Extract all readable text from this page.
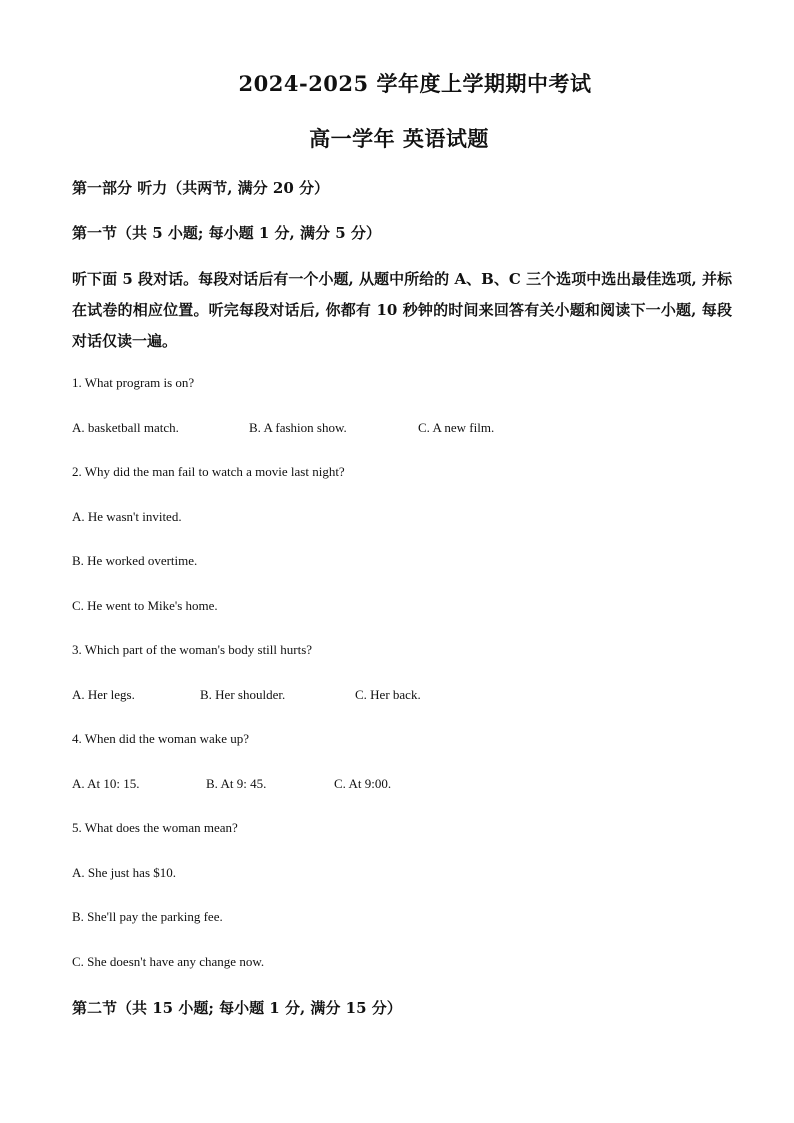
2024-2025 学年度上学期期中考试
高一学年 英语试题
第一部分 听力（共两节, 满分 20 分）
第一节（共 5 小题; 每小题 1 分, 满分 5 分）
听下面 5 段对话。每段对话后有一个小题, 从题中所给的 A、B、C 三个选项中选出最佳选项, 并标在试卷的相应位置。听完每段对话后, 你都有 10 秒钟的时间来回答有关小题和阅读下一小题, 每段对话仅读一遍。
1. What program is on?
A. basketball match.	B. A fashion show.	C. A new film.
2. Why did the man fail to watch a movie last night?
A. He wasn't invited.
B. He worked overtime.
C. He went to Mike's home.
3. Which part of the woman's body still hurts?
A. Her legs.	B. Her shoulder.	C. Her back.
4. When did the woman wake up?
A. At 10: 15.	B. At 9: 45.	C. At 9:00.
5. What does the woman mean?
A. She just has $10.
B. She'll pay the parking fee.
C. She doesn't have any change now.
第二节（共 15 小题; 每小题 1 分, 满分 15 分）
